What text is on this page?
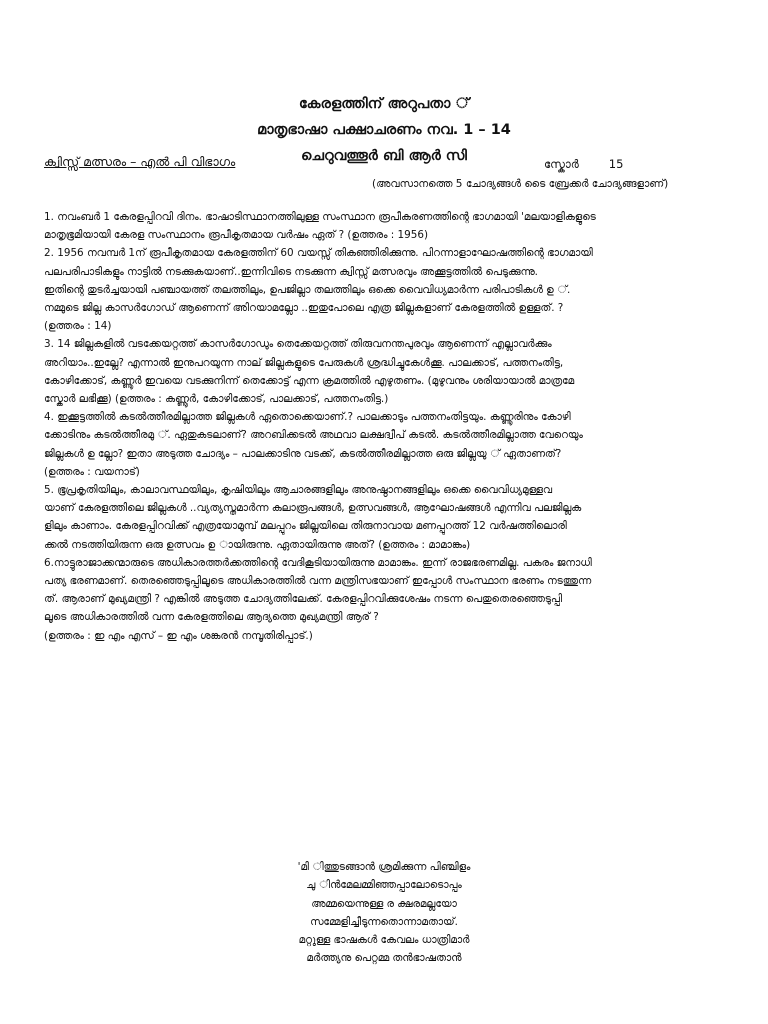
കേരളത്തിന് അറുപതാ ്
മാതൃഭാഷാ പക്ഷാചരണം നവ. 1 – 14
ചെറുവത്തൂർ ബി ആർ സി
ക്വിസ്സ് മത്സരം – എൽ പി വിഭാഗം	സ്കോർ	15
(അവസാനത്തെ 5 ചോദ്യങ്ങൾ ടൈ ബ്രേക്കർ ചോദ്യങ്ങളാണ്)
1. നവംബർ 1 കേരളപ്പിറവി ദിനം. ഭാഷാടിസ്ഥാനത്തിലുള്ള സംസ്ഥാന രൂപീകരണത്തിന്റെ ഭാഗമായി 'മലയാളികളുടെ
മാതൃഭൂമിയായി കേരള സംസ്ഥാനം രൂപീകൃതമായ വർഷം ഏത് ? (ഉത്തരം : 1956)
2. 1956 നവമ്പർ 1ന് രൂപീകൃതമായ കേരളത്തിന് 60 വയസ്സ് തികഞ്ഞിരിക്കുന്നു. പിറന്നാളാഘോഷത്തിന്റെ ഭാഗമായി
പലപരിപാടികളും നാട്ടിൽ നടക്കുകയാണ്..ഇന്നിവിടെ നടക്കുന്ന ക്വിസ്സ് മത്സരവും അക്കൂട്ടത്തിൽ പെടുക്കുന്നു.
ഇതിന്റെ തുടർച്ചയായി പഞ്ചായത്ത് തലത്തിലും, ഉപജില്ലാ തലത്തിലും ഒക്കെ വൈവിധ്യമാർന്ന പരിപാടികൾ ഉ ്.
നമ്മുടെ ജില്ല കാസർഗോഡ് ആണെന്ന് അിറയാമല്ലോ ..ഇതുപോലെ എത്ര ജില്ലകളാണ് കേരളത്തിൽ ഉള്ളത്. ?
(ഉത്തരം : 14)
3. 14 ജില്ലകളിൽ വടക്കേയറ്റത്ത് കാസർഗോഡും തെക്കേയറ്റത്ത് തിരുവനന്തപുരവും ആണെന്ന് എല്ലാവർക്കും
അറിയാം..ഇല്ലേ? എന്നാൽ ഇനുപറയുന്ന നാല് ജില്ലകളുടെ പേരുകൾ ശ്രദ്ധിച്ചുകേൾക്കൂ. പാലക്കാട്, പത്തനംതിട്ട,
കോഴിക്കോട്, കണ്ണൂർ ഇവയെ വടക്കുനിന്ന് തെക്കോട്ട് എന്ന ക്രമത്തിൽ എഴുതണം. (മുഴുവനും ശരിയായാൽ മാത്രമേ
സ്കോർ ലഭിക്കൂ) (ഉത്തരം : കണ്ണൂർ, കോഴിക്കോട്, പാലക്കാട്, പത്തനംതിട്ട.)
4. ഇക്കൂട്ടത്തിൽ കടൽത്തീരമില്ലാത്ത ജില്ലകൾ ഏതൊക്കെയാണ്.? പാലക്കാടും പത്തനംതിട്ടയും. കണ്ണൂരിനും കോഴി
ക്കോടിനും കടൽത്തീരമു ്. ഏതുകടലാണ്? അറബിക്കടൽ അഥവാ ലക്ഷദ്വീപ് കടൽ. കടൽത്തീരമില്ലാത്ത വേറെയും
ജില്ലകൾ ഉ ല്ലോ? ഇതാ അടുത്ത ചോദ്യം – പാലക്കാടിനു വടക്ക്, കടൽത്തീരമില്ലാത്ത ഒരു ജില്ലയു ് ഏതാണത്?
(ഉത്തരം : വയനാട്)
5. ഭൂപ്രകൃതിയിലും, കാലാവസ്ഥയിലും, കൃഷിയിലും ആചാരങ്ങളിലും അനുഷ്ഠാനങ്ങളിലും ഒക്കെ വൈവിധ്യമുള്ളവ
യാണ് കേരളത്തിലെ ജില്ലകൾ ..വ്യത്യസ്തമാർന്ന കലാരൂപങ്ങൾ, ഉത്സവങ്ങൾ, ആഘോഷങ്ങൾ എന്നിവ പലജില്ലക
ളിലും കാണാം. കേരളപ്പിറവിക്ക് എത്രയോമുമ്പ് മലപ്പുറം ജില്ലയിലെ തിരുനാവായ മണപ്പുറത്ത് 12 വർഷത്തിലൊരി
ക്കൽ നടത്തിയിരുന്ന ഒരു ഉത്സവം ഉ ായിരുന്നു. ഏതായിരുന്നു അത്? (ഉത്തരം : മാമാങ്കം)
6.നാട്ടുരാജാക്കന്മാരുടെ അധികാരത്തർക്കത്തിന്റെ വേദികൂടിയായിരുന്നു മാമാങ്കം. ഇന്ന് രാജഭരണമില്ല. പകരം ജനാധി
പത്യ ഭരണമാണ്. തെരഞ്ഞെടുപ്പിലൂടെ അധികാരത്തിൽ വന്ന മന്ത്രിസഭയാണ് ഇപ്പോൾ സംസ്ഥാന ഭരണം നടത്തുന്ന
ത്. ആരാണ് മുഖ്യമന്ത്രി ? എങ്കിൽ അടുത്ത ചോദ്യത്തിലേക്ക്. കേരളപ്പിറവിക്കുശേഷം നടന്ന പെതുതെരഞ്ഞെടുപ്പി
ലൂടെ അധികാരത്തിൽ വന്ന കേരളത്തിലെ ആദ്യത്തെ മുഖ്യമന്ത്രി ആര് ?
(ഉത്തരം : ഇ എം എസ് – ഇ എം ശങ്കരൻ നമ്പൂതിരിപ്പാട്.)
'മി ിത്തുടങ്ങാൻ ശ്രമിക്കുന്ന പിഞ്ചിളം
ചു ിൻമേലമ്മിഞ്ഞപ്പാലോടൊപ്പം
അമ്മയെന്നുള്ള ര ക്ഷരമല്ലയോ
സമ്മേളിച്ചീടുന്നതൊന്നാമതായ്.
മറ്റുള്ള ഭാഷകൾ കേവലം ധാത്രിമാർ
മർത്ത്യനു പെറ്റമ്മ തൻഭാഷതാൻ
